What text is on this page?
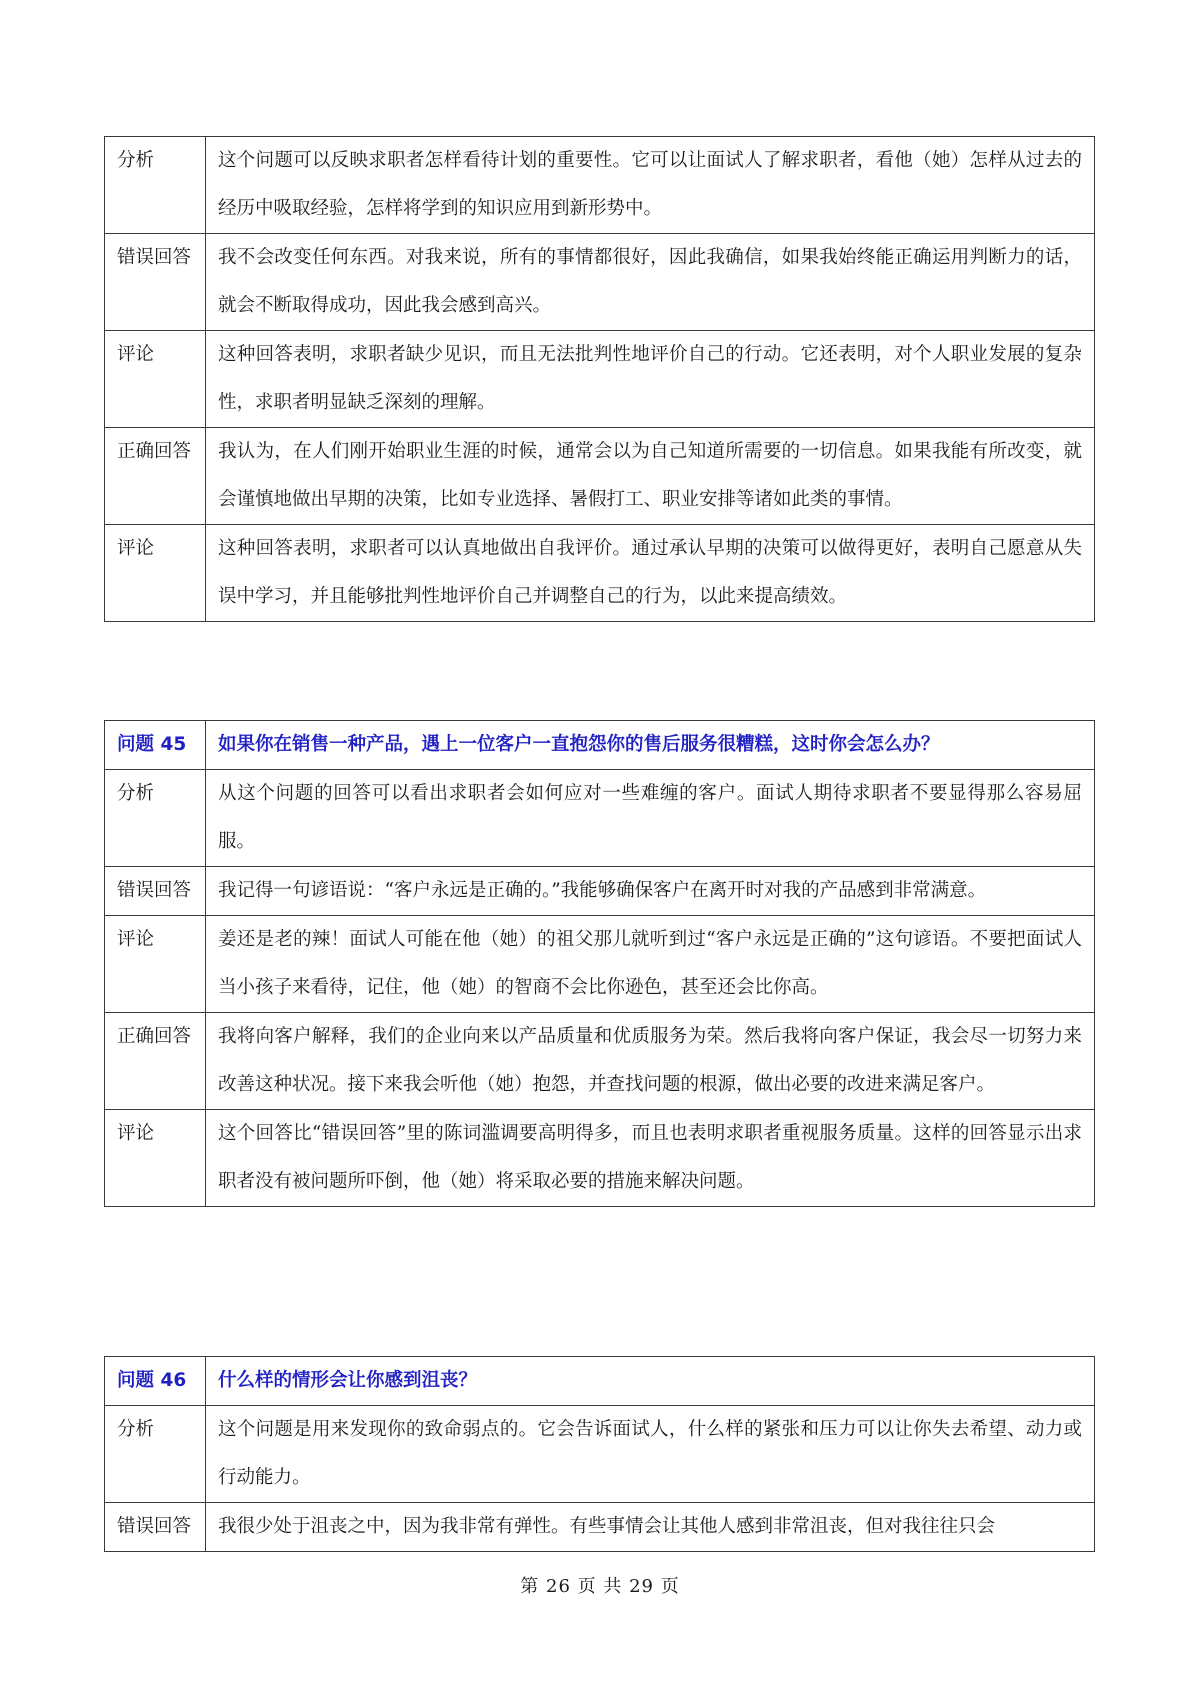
分析	这个问题可以反映求职者怎样看待计划的重要性。它可以让面试人了解求职者，看他（她）怎样从过去的经历中吸取经验，怎样将学到的知识应用到新形势中。
错误回答	我不会改变任何东西。对我来说，所有的事情都很好，因此我确信，如果我始终能正确运用判断力的话，就会不断取得成功，因此我会感到高兴。
评论	这种回答表明，求职者缺少见识，而且无法批判性地评价自己的行动。它还表明，对个人职业发展的复杂性，求职者明显缺乏深刻的理解。
正确回答	我认为，在人们刚开始职业生涯的时候，通常会以为自己知道所需要的一切信息。如果我能有所改变，就会谨慎地做出早期的决策，比如专业选择、暑假打工、职业安排等诸如此类的事情。
评论	这种回答表明，求职者可以认真地做出自我评价。通过承认早期的决策可以做得更好，表明自己愿意从失误中学习，并且能够批判性地评价自己并调整自己的行为，以此来提高绩效。
问题 45	如果你在销售一种产品，遇上一位客户一直抱怨你的售后服务很糟糕，这时你会怎么办？
分析	从这个问题的回答可以看出求职者会如何应对一些难缠的客户。面试人期待求职者不要显得那么容易屈服。
错误回答	我记得一句谚语说：“客户永远是正确的。”我能够确保客户在离开时对我的产品感到非常满意。
评论	姜还是老的辣！面试人可能在他（她）的祖父那儿就听到过“客户永远是正确的”这句谚语。不要把面试人当小孩子来看待，记住，他（她）的智商不会比你逊色，甚至还会比你高。
正确回答	我将向客户解释，我们的企业向来以产品质量和优质服务为荣。然后我将向客户保证，我会尽一切努力来改善这种状况。接下来我会听他（她）抱怨，并查找问题的根源，做出必要的改进来满足客户。
评论	这个回答比“错误回答”里的陈词滥调要高明得多，而且也表明求职者重视服务质量。这样的回答显示出求职者没有被问题所吓倒，他（她）将采取必要的措施来解决问题。
问题 46	什么样的情形会让你感到沮丧？
分析	这个问题是用来发现你的致命弱点的。它会告诉面试人，什么样的紧张和压力可以让你失去希望、动力或行动能力。
错误回答	我很少处于沮丧之中，因为我非常有弹性。有些事情会让其他人感到非常沮丧，但对我往往只会
第 26 页 共 29 页
